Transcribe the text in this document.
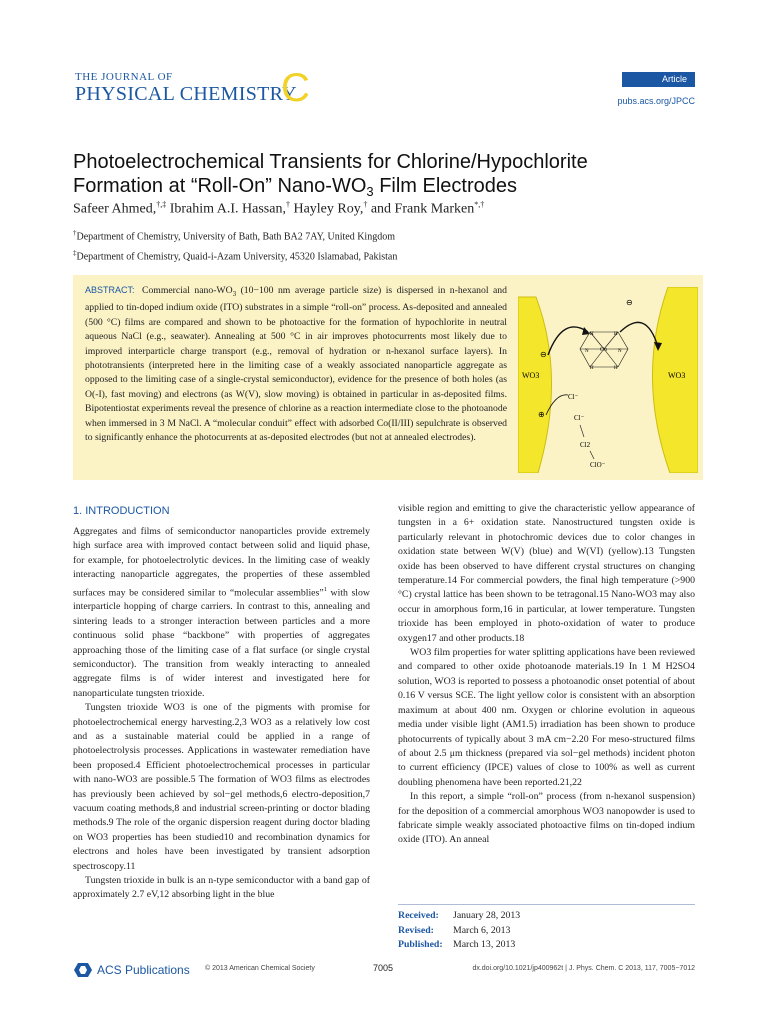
THE JOURNAL OF
PHYSICAL CHEMISTRY
C	Article
pubs.acs.org/JPCC
Photoelectrochemical Transients for Chlorine/Hypochlorite
Formation at “Roll-On” Nano-$WO_3$ Film Electrodes
Safeer Ahmed,†,‡ Ibrahim A.I. Hassan,† Hayley Roy,† and Frank Marken*,†
†Department of Chemistry, University of Bath, Bath BA2 7AY, United Kingdom
‡Department of Chemistry, Quaid-i-Azam University, 45320 Islamabad, Pakistan
ABSTRACT: Commercial nano-$WO_3$ (10−100 nm average particle size) is dispersed in n-hexanol and applied to tin-doped indium oxide (ITO) substrates in a simple “roll-on” process. As-deposited and annealed (500 °C) films are compared and shown to be photoactive for the formation of hypochlorite in neutral aqueous NaCl (e.g., seawater). Annealing at 500 °C in air improves photocurrents most likely due to improved interparticle charge transport (e.g., removal of hydration or n-hexanol surface layers). In phototransients (interpreted here in the limiting case of a weakly associated nanoparticle aggregate as opposed to the limiting case of a single-crystal semiconductor), evidence for the presence of both holes (as O(-I), fast moving) and electrons (as W(V), slow moving) is obtained in particular in as-deposited films. Bipotentiostat experiments reveal the presence of chlorine as a reaction intermediate close to the photoanode when immersed in 3 M NaCl. A “molecular conduit” effect with adsorbed Co(II/III) sepulchrate is observed to significantly enhance the photocurrents at as-deposited electrodes (but not at annealed electrodes).
WO3	WO3
Co
N	N
H	H
H	H
⊖
⊖
⊕
Cl⁻
Cl⁻
Cl2
ClO⁻
1. INTRODUCTION

Aggregates and films of semiconductor nanoparticles provide extremely high surface area with improved contact between solid and liquid phase, for example, for photoelectrolytic devices. In the limiting case of weakly interacting nanoparticle aggregates, the properties of these assembled surfaces may be considered similar to “molecular assemblies”$^1$ with slow interparticle hopping of charge carriers. In contrast to this, annealing and sintering leads to a stronger interaction between particles and a more continuous solid phase “backbone” with properties of aggregates approaching those of the limiting case of a flat surface (or single crystal semiconductor). The transition from weakly interacting to annealed aggregate films is of wider interest and investigated here for nanoparticulate tungsten trioxide.

Tungsten trioxide WO3 is one of the pigments with promise for photoelectrochemical energy harvesting.2,3 WO3 as a relatively low cost and as a sustainable material could be applied in a range of photoelectrolysis processes. Applications in wastewater remediation have been proposed.4 Efficient photoelectrochemical processes in particular with nano-WO3 are possible.5 The formation of WO3 films as electrodes has previously been achieved by sol−gel methods,6 electro-deposition,7 vacuum coating methods,8 and industrial screen-printing or doctor blading methods.9 The role of the organic dispersion reagent during doctor blading on WO3 properties has been studied10 and recombination dynamics for electrons and holes have been investigated by transient adsorption spectroscopy.11

Tungsten trioxide in bulk is an n-type semiconductor with a band gap of approximately 2.7 eV,12 absorbing light in the blue

visible region and emitting to give the characteristic yellow appearance of tungsten in a 6+ oxidation state. Nanostructured tungsten oxide is particularly relevant in photochromic devices due to color changes in oxidation state between W(V) (blue) and W(VI) (yellow).13 Tungsten oxide has been observed to have different crystal structures on changing temperature.14 For commercial powders, the final high temperature (>900 °C) crystal lattice has been shown to be tetragonal.15 Nano-WO3 may also occur in amorphous form,16 in particular, at lower temperature. Tungsten trioxide has been employed in photo-oxidation of water to produce oxygen17 and other products.18

WO3 film properties for water splitting applications have been reviewed and compared to other oxide photoanode materials.19 In 1 M H2SO4 solution, WO3 is reported to possess a photoanodic onset potential of about 0.16 V versus SCE. The light yellow color is consistent with an absorption maximum at about 400 nm. Oxygen or chlorine evolution in aqueous media under visible light (AM1.5) irradiation has been shown to produce photocurrents of typically about 3 mA cm−2.20 For meso-structured films of about 2.5 μm thickness (prepared via sol−gel methods) incident photon to current efficiency (IPCE) values of close to 100% as well as current doubling phenomena have been reported.21,22

In this report, a simple “roll-on” process (from n-hexanol suspension) for the deposition of a commercial amorphous WO3 nanopowder is used to fabricate simple weakly associated photoactive films on tin-doped indium oxide (ITO). An anneal

Received:	January 28, 2013
Revised:	March 6, 2013
Published:	March 13, 2013
ACS Publications © 2013 American Chemical Society	7005	dx.doi.org/10.1021/jp400962t | J. Phys. Chem. C 2013, 117, 7005−7012
